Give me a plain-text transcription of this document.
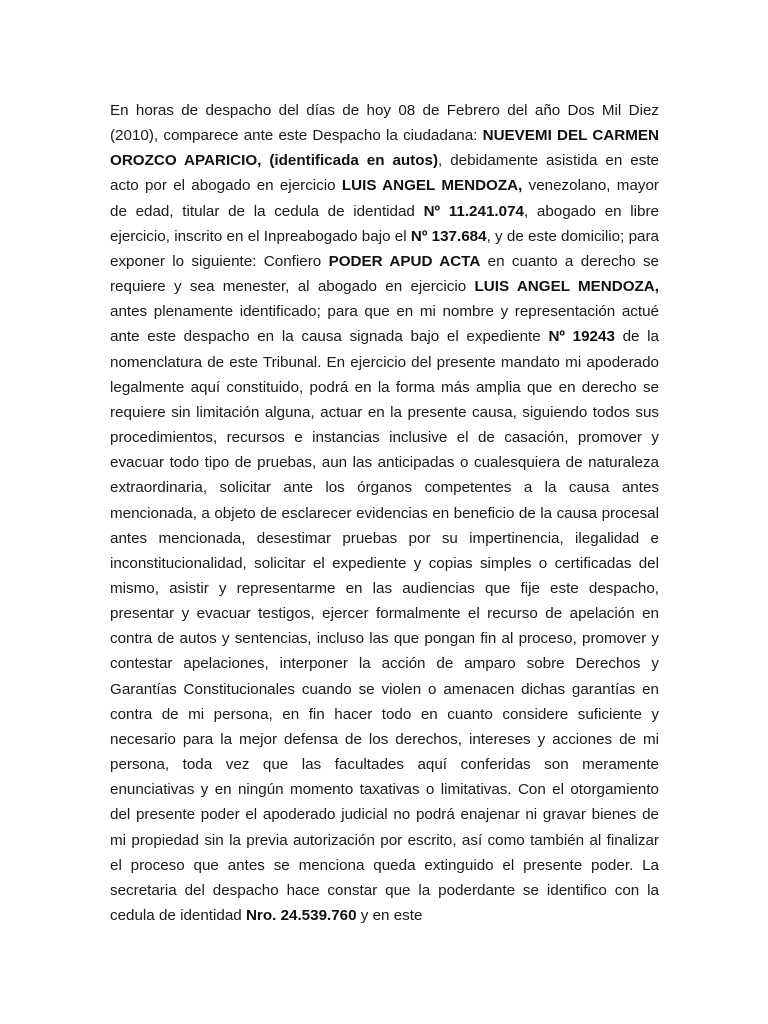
En horas de despacho del días de hoy 08 de Febrero del año Dos Mil Diez (2010), comparece ante este Despacho la ciudadana: NUEVEMI DEL CARMEN OROZCO APARICIO, (identificada en autos), debidamente asistida en este acto por el abogado en ejercicio LUIS ANGEL MENDOZA, venezolano, mayor de edad, titular de la cedula de identidad Nº 11.241.074, abogado en libre ejercicio, inscrito en el Inpreabogado bajo el Nº 137.684, y de este domicilio; para exponer lo siguiente: Confiero PODER APUD ACTA en cuanto a derecho se requiere y sea menester, al abogado en ejercicio LUIS ANGEL MENDOZA, antes plenamente identificado; para que en mi nombre y representación actué ante este despacho en la causa signada bajo el expediente Nº 19243 de la nomenclatura de este Tribunal. En ejercicio del presente mandato mi apoderado legalmente aquí constituido, podrá en la forma más amplia que en derecho se requiere sin limitación alguna, actuar en la presente causa, siguiendo todos sus procedimientos, recursos e instancias inclusive el de casación, promover y evacuar todo tipo de pruebas, aun las anticipadas o cualesquiera de naturaleza extraordinaria, solicitar ante los órganos competentes a la causa antes mencionada, a objeto de esclarecer evidencias en beneficio de la causa procesal antes mencionada, desestimar pruebas por su impertinencia, ilegalidad e inconstitucionalidad, solicitar el expediente y copias simples o certificadas del mismo, asistir y representarme en las audiencias que fije este despacho, presentar y evacuar testigos, ejercer formalmente el recurso de apelación en contra de autos y sentencias, incluso las que pongan fin al proceso, promover y contestar apelaciones, interponer la acción de amparo sobre Derechos y Garantías Constitucionales cuando se violen o amenacen dichas garantías en contra de mi persona, en fin hacer todo en cuanto considere suficiente y necesario para la mejor defensa de los derechos, intereses y acciones de mi persona, toda vez que las facultades aquí conferidas son meramente enunciativas y en ningún momento taxativas o limitativas. Con el otorgamiento del presente poder el apoderado judicial no podrá enajenar ni gravar bienes de mi propiedad sin la previa autorización por escrito, así como también al finalizar el proceso que antes se menciona queda extinguido el presente poder. La secretaria del despacho hace constar que la poderdante se identifico con la cedula de identidad Nro. 24.539.760 y en este
